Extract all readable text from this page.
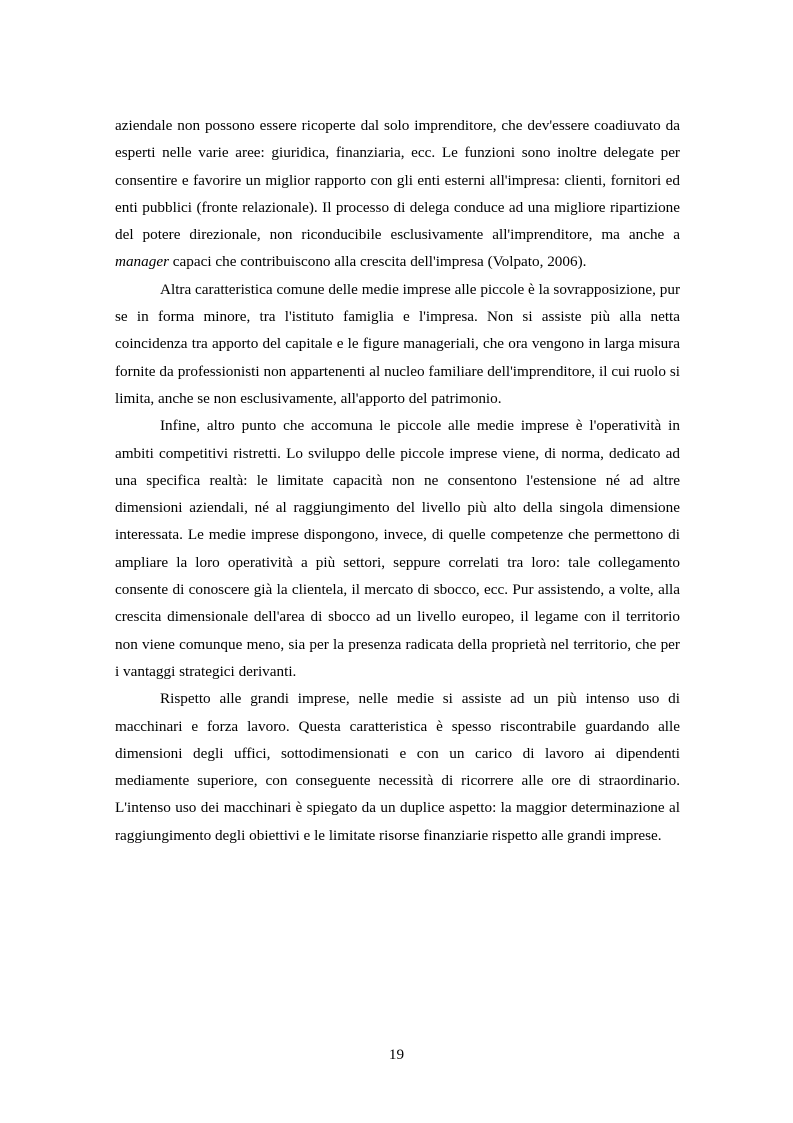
aziendale non possono essere ricoperte dal solo imprenditore, che dev'essere coadiuvato da esperti nelle varie aree: giuridica, finanziaria, ecc. Le funzioni sono inoltre delegate per consentire e favorire un miglior rapporto con gli enti esterni all'impresa: clienti, fornitori ed enti pubblici (fronte relazionale). Il processo di delega conduce ad una migliore ripartizione del potere direzionale, non riconducibile esclusivamente all'imprenditore, ma anche a manager capaci che contribuiscono alla crescita dell'impresa (Volpato, 2006).

Altra caratteristica comune delle medie imprese alle piccole è la sovrapposizione, pur se in forma minore, tra l'istituto famiglia e l'impresa. Non si assiste più alla netta coincidenza tra apporto del capitale e le figure manageriali, che ora vengono in larga misura fornite da professionisti non appartenenti al nucleo familiare dell'imprenditore, il cui ruolo si limita, anche se non esclusivamente, all'apporto del patrimonio.

Infine, altro punto che accomuna le piccole alle medie imprese è l'operatività in ambiti competitivi ristretti. Lo sviluppo delle piccole imprese viene, di norma, dedicato ad una specifica realtà: le limitate capacità non ne consentono l'estensione né ad altre dimensioni aziendali, né al raggiungimento del livello più alto della singola dimensione interessata. Le medie imprese dispongono, invece, di quelle competenze che permettono di ampliare la loro operatività a più settori, seppure correlati tra loro: tale collegamento consente di conoscere già la clientela, il mercato di sbocco, ecc. Pur assistendo, a volte, alla crescita dimensionale dell'area di sbocco ad un livello europeo, il legame con il territorio non viene comunque meno, sia per la presenza radicata della proprietà nel territorio, che per i vantaggi strategici derivanti.

Rispetto alle grandi imprese, nelle medie si assiste ad un più intenso uso di macchinari e forza lavoro. Questa caratteristica è spesso riscontrabile guardando alle dimensioni degli uffici, sottodimensionati e con un carico di lavoro ai dipendenti mediamente superiore, con conseguente necessità di ricorrere alle ore di straordinario. L'intenso uso dei macchinari è spiegato da un duplice aspetto: la maggior determinazione al raggiungimento degli obiettivi e le limitate risorse finanziarie rispetto alle grandi imprese.

19
